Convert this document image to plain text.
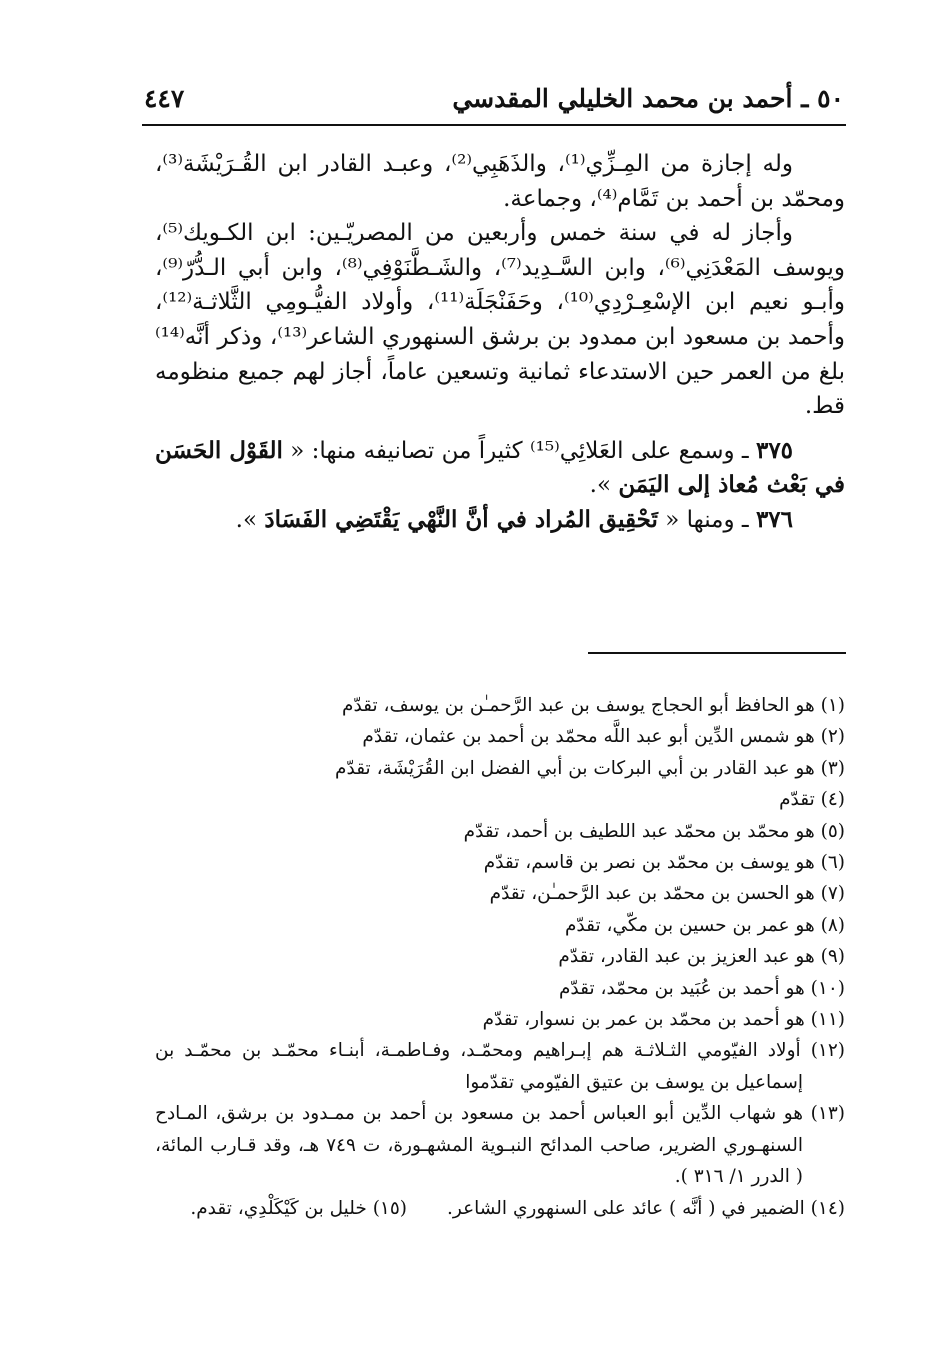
٥٠ ـ أحمد بن محمد الخليلي المقدسي
٤٤٧

وله إجازة من المِـزِّي⁽¹⁾، والذَهَبِي⁽²⁾، وعبـد القادر ابن القُـرَيْشَة⁽³⁾، ومحمّد بن أحمد بن تَمَّام⁽⁴⁾، وجماعة.

وأجاز له في سنة خمس وأربعين من المصريّـين: ابن الكـويك⁽⁵⁾، ويوسف المَعْدَنِي⁽⁶⁾، وابن السَّـدِيد⁽⁷⁾، والشَـطَّنَوْفِي⁽⁸⁾، وابن أبي الـدُّرّ⁽⁹⁾، وأبـو نعيم ابن الإسْعِـرْدِي⁽¹⁰⁾، وحَفَنْجَلَة⁽¹¹⁾، وأولاد الفيُّـومِي الثَّلاثـة⁽¹²⁾، وأحمد بن مسعود ابن ممدود بن برشق السنهوري الشاعر⁽¹³⁾، وذكر أنَّه⁽¹⁴⁾ بلغ من العمر حين الاستدعاء ثمانية وتسعين عاماً، أجاز لهم جميع منظومه قط.

٣٧٥ ـ وسمع على العَلائِي⁽¹⁵⁾ كثيراً من تصانيفه منها: « القَوْل الحَسَن في بَعْث مُعاذ إلى اليَمَن ».

٣٧٦ ـ ومنها « تَحْقِيق المُراد في أنَّ النَّهْي يَقْتَضِي الفَسَادَ ».

(١) هو الحافظ أبو الحجاج يوسف بن عبد الرَّحمـٰن بن يوسف، تقدّم

(٢) هو شمس الدِّين أبو عبد اللَّه محمّد بن أحمد بن عثمان، تقدّم

(٣) هو عبد القادر بن أبي البركات بن أبي الفضل ابن القُرَيْشَة، تقدّم

(٤) تقدّم

(٥) هو محمّد بن محمّد عبد اللطيف بن أحمد، تقدّم

(٦) هو يوسف بن محمّد بن نصر بن قاسم، تقدّم

(٧) هو الحسن بن محمّد بن عبد الرَّحمـٰن، تقدّم

(٨) هو عمر بن حسين بن مكّي، تقدّم

(٩) هو عبد العزيز بن عبد القادر، تقدّم

(١٠) هو أحمد بن عُبَيد بن محمّد، تقدّم

(١١) هو أحمد بن محمّد بن عمر بن نسوار، تقدّم

(١٢) أولاد الفيّومي الثـلاثـة هم إبـراهيم ومحمّـد، وفـاطمـة، أبنـاء محمّـد بن محمّـد بن إسماعيل بن يوسف بن عتيق الفيّومي تقدّموا

(١٣) هو شهاب الدِّين أبو العباس أحمد بن مسعود بن أحمد بن ممـدود بن برشق، المـادح السنهـوري الضرير، صاحب المدائح النبـوية المشهـورة، ت ٧٤٩ هـ، وقد قـارب المائة، ( الدرر ١/ ٣١٦ ).

(١٤) الضمير في ( أنَّه ) عائد على السنهوري الشاعر.
(١٥) خليل بن كَيْكَلْدِي، تقدم.
